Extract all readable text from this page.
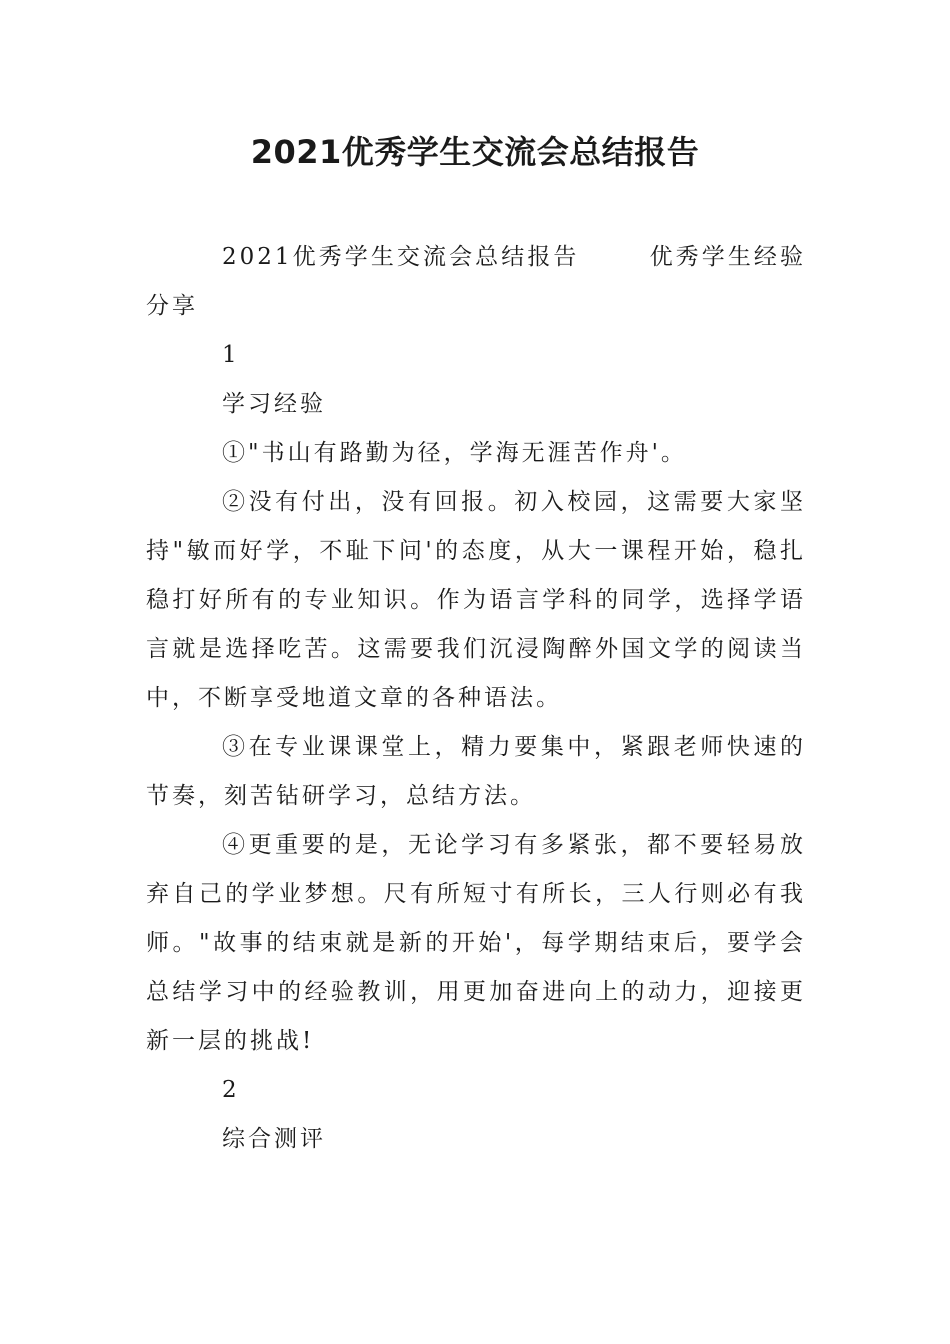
2021优秀学生交流会总结报告

2021优秀学生交流会总结报告	优秀学生经验分享

1

学习经验

①"书山有路勤为径，学海无涯苦作舟'。

②没有付出，没有回报。初入校园，这需要大家坚持"敏而好学，不耻下问'的态度，从大一课程开始，稳扎稳打好所有的专业知识。作为语言学科的同学，选择学语言就是选择吃苦。这需要我们沉浸陶醉外国文学的阅读当中，不断享受地道文章的各种语法。

③在专业课课堂上，精力要集中，紧跟老师快速的节奏，刻苦钻研学习，总结方法。

④更重要的是，无论学习有多紧张，都不要轻易放弃自己的学业梦想。尺有所短寸有所长，三人行则必有我师。"故事的结束就是新的开始'，每学期结束后，要学会总结学习中的经验教训，用更加奋进向上的动力，迎接更新一层的挑战!

2

综合测评
